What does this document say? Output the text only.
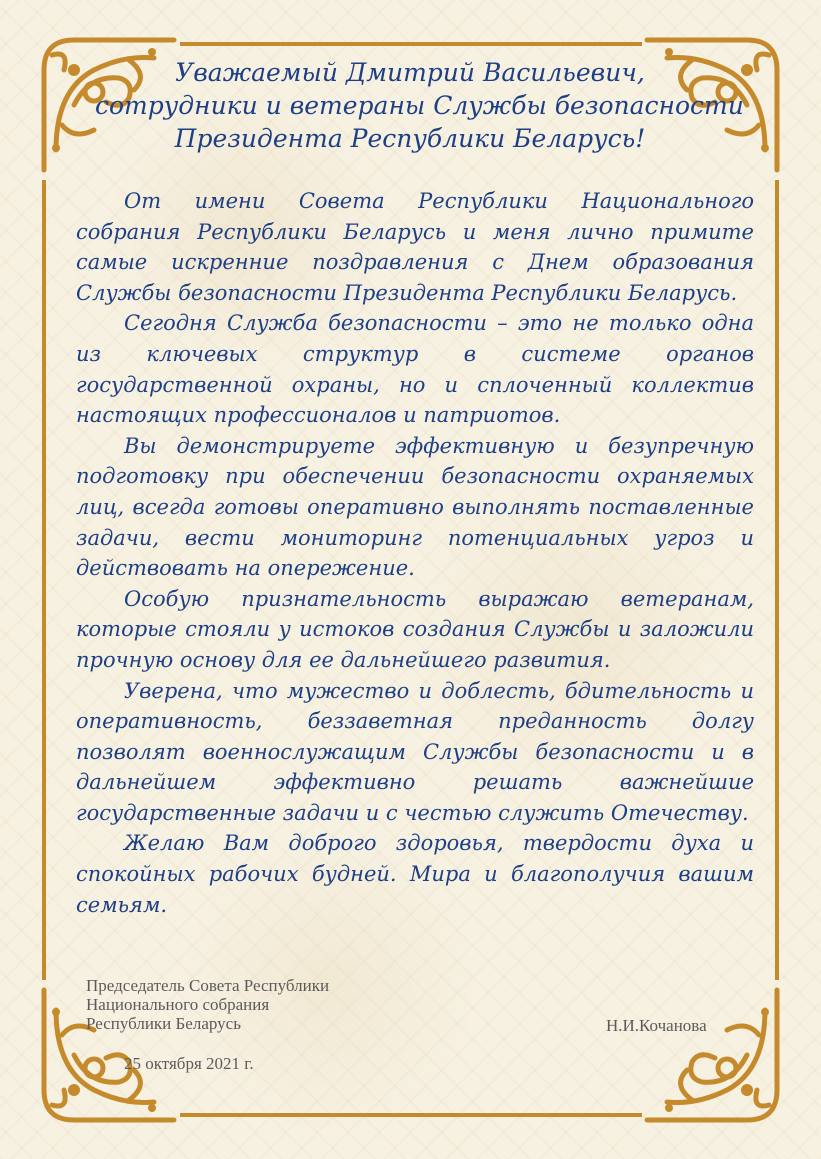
Уважаемый Дмитрий Васильевич,
сотрудники и ветераны Службы безопасности
Президента Республики Беларусь!

От имени Совета Республики Национального собрания Республики Беларусь и меня лично примите самые искренние поздравления с Днем образования Службы безопасности Президента Республики Беларусь.

Сегодня Служба безопасности – это не только одна из ключевых структур в системе органов государственной охраны, но и сплоченный коллектив настоящих профессионалов и патриотов.

Вы демонстрируете эффективную и безупречную подготовку при обеспечении безопасности охраняемых лиц, всегда готовы оперативно выполнять поставленные задачи, вести мониторинг потенциальных угроз и действовать на опережение.

Особую признательность выражаю ветеранам, которые стояли у истоков создания Службы и заложили прочную основу для ее дальнейшего развития.

Уверена, что мужество и доблесть, бдительность и оперативность, беззаветная преданность долгу позволят военнослужащим Службы безопасности и в дальнейшем эффективно решать важнейшие государственные задачи и с честью служить Отечеству.

Желаю Вам доброго здоровья, твердости духа и спокойных рабочих будней. Мира и благополучия вашим семьям.

Председатель Совета Республики
Национального собрания
Республики Беларусь	Н.И.Кочанова
25 октября 2021 г.
